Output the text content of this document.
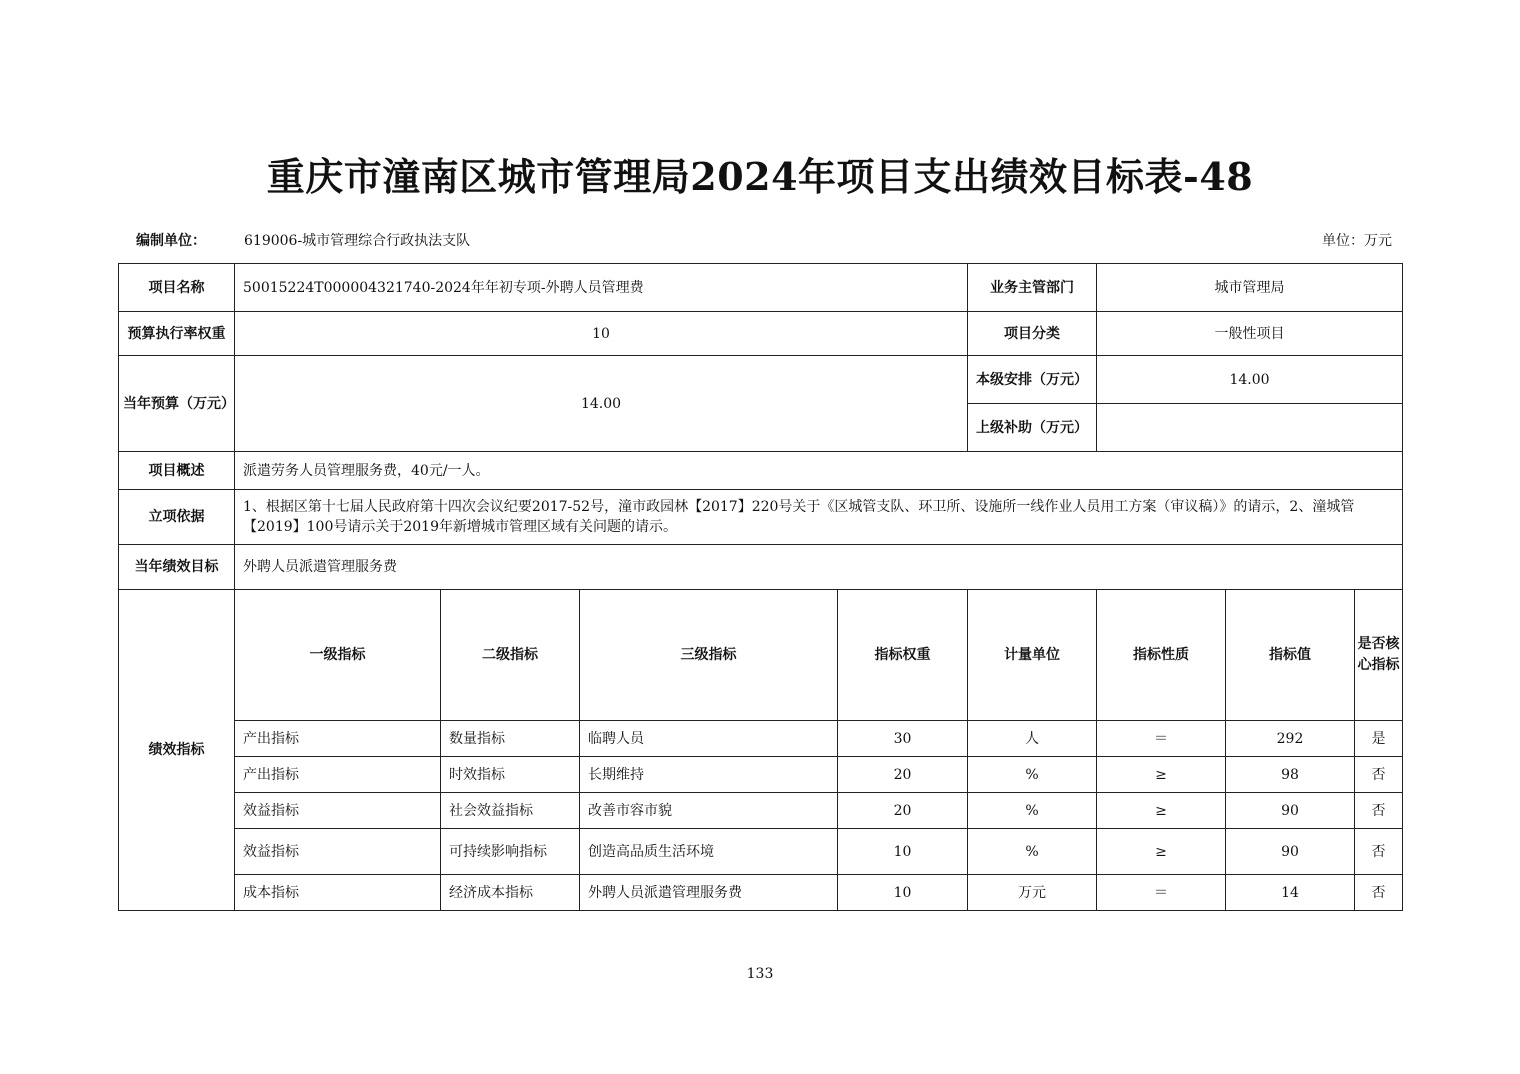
重庆市潼南区城市管理局2024年项目支出绩效目标表-48
编制单位：	619006-城市管理综合行政执法支队	单位：万元
项目名称	50015224T000004321740-2024年年初专项-外聘人员管理费				业务主管部门	城市管理局		
预算执行率权重	10				项目分类	一般性项目		
当年预算（万元）	14.00				本级安排（万元）	14.00		
					上级补助（万元）			
项目概述	派遣劳务人员管理服务费，40元/一人。							
立项依据	1、根据区第十七届人民政府第十四次会议纪要2017-52号，潼市政园林【2017】220号关于《区城管支队、环卫所、设施所一线作业人员用工方案（审议稿）》的请示，2、潼城管【2019】100号请示关于2019年新增城市管理区域有关问题的请示。							
当年绩效目标	外聘人员派遣管理服务费							
绩效指标	一级指标	二级指标	三级指标	指标权重	计量单位	指标性质	指标值	是否核心指标
	产出指标	数量指标	临聘人员	30	人	＝	292	是
	产出指标	时效指标	长期维持	20	%	≥	98	否
	效益指标	社会效益指标	改善市容市貌	20	%	≥	90	否
	效益指标	可持续影响指标	创造高品质生活环境	10	%	≥	90	否
	成本指标	经济成本指标	外聘人员派遣管理服务费	10	万元	＝	14	否
133
